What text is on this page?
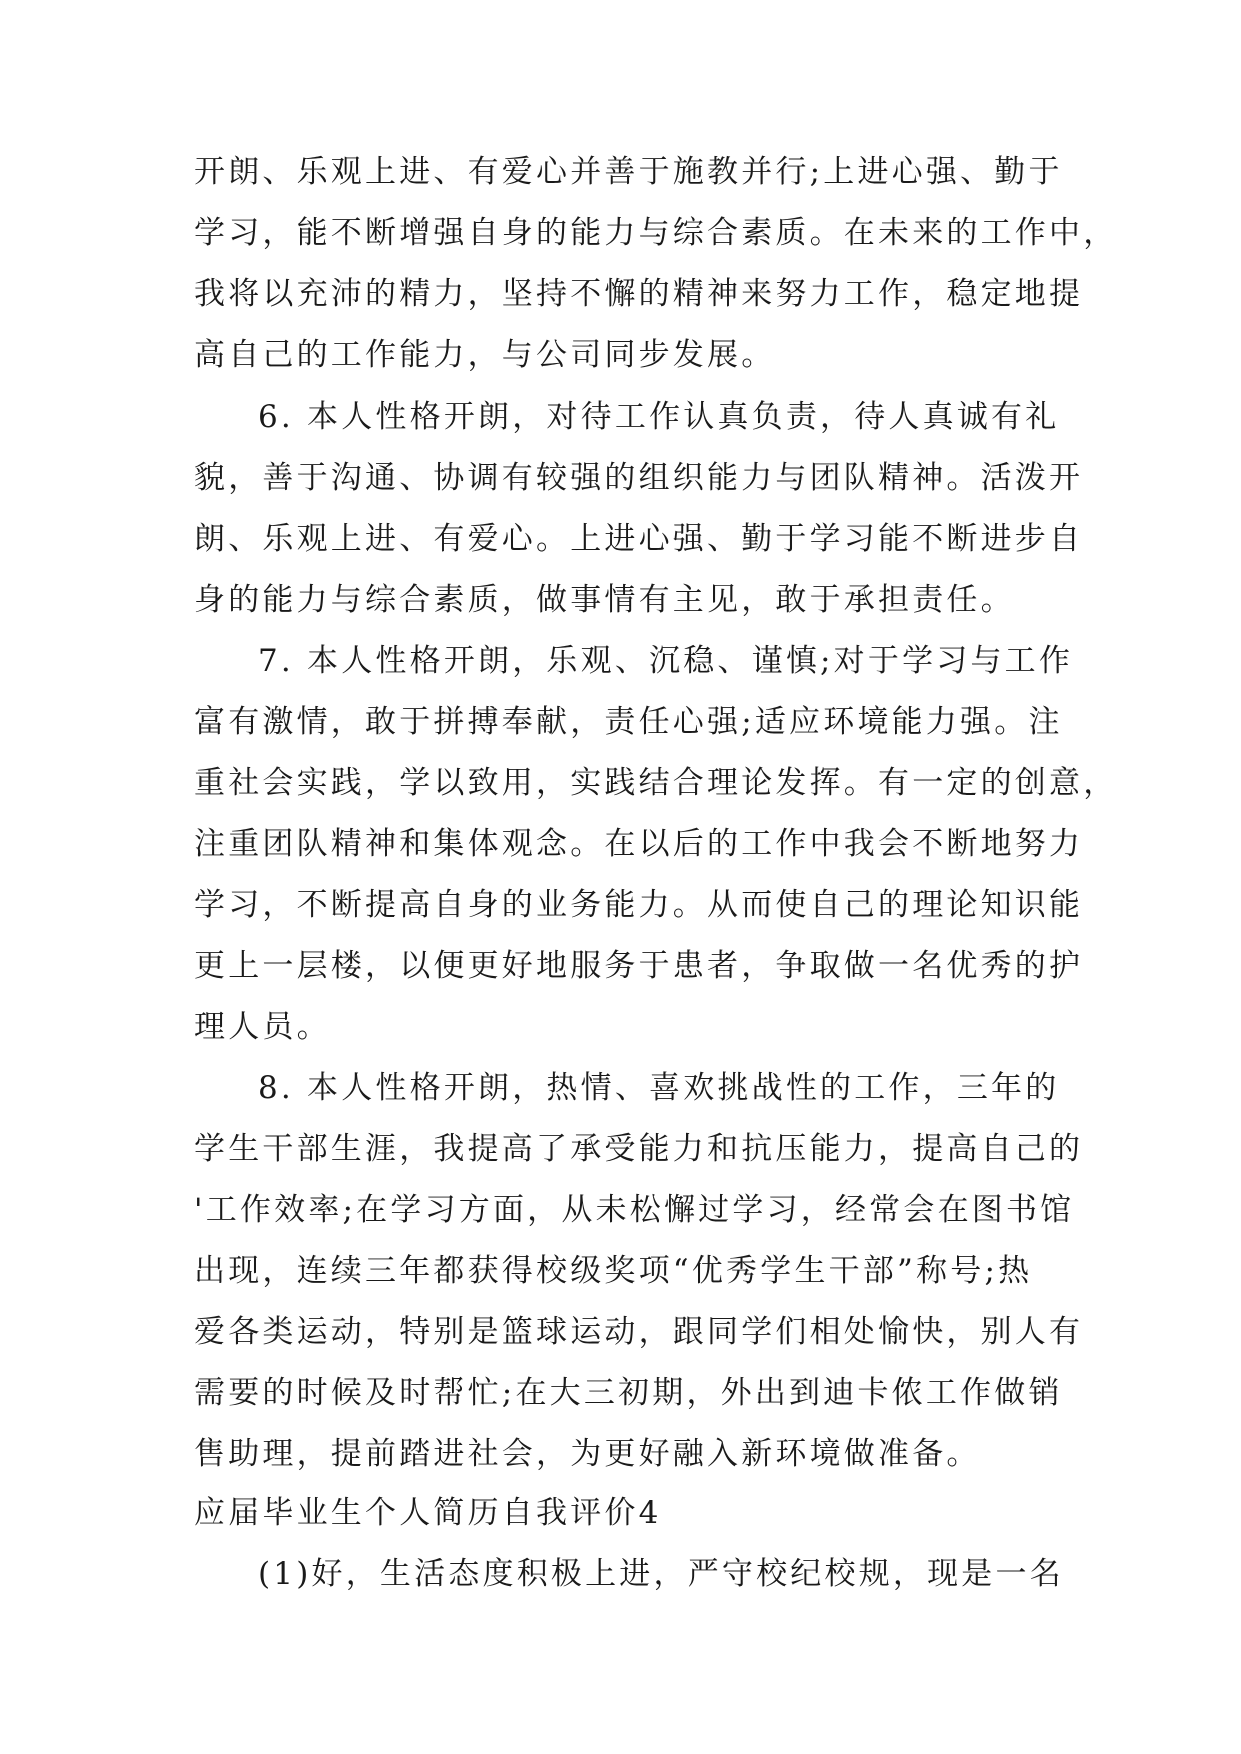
开朗、乐观上进、有爱心并善于施教并行;上进心强、勤于
学习，能不断增强自身的能力与综合素质。在未来的工作中，
我将以充沛的精力，坚持不懈的精神来努力工作，稳定地提
高自己的工作能力，与公司同步发展。
6. 本人性格开朗，对待工作认真负责，待人真诚有礼
貌，善于沟通、协调有较强的组织能力与团队精神。活泼开
朗、乐观上进、有爱心。上进心强、勤于学习能不断进步自
身的能力与综合素质，做事情有主见，敢于承担责任。
7. 本人性格开朗，乐观、沉稳、谨慎;对于学习与工作
富有激情，敢于拼搏奉献，责任心强;适应环境能力强。注
重社会实践，学以致用，实践结合理论发挥。有一定的创意，
注重团队精神和集体观念。在以后的工作中我会不断地努力
学习，不断提高自身的业务能力。从而使自己的理论知识能
更上一层楼，以便更好地服务于患者，争取做一名优秀的护
理人员。
8. 本人性格开朗，热情、喜欢挑战性的工作，三年的
学生干部生涯，我提高了承受能力和抗压能力，提高自己的
'工作效率;在学习方面，从未松懈过学习，经常会在图书馆
出现，连续三年都获得校级奖项“优秀学生干部”称号;热
爱各类运动，特别是篮球运动，跟同学们相处愉快，别人有
需要的时候及时帮忙;在大三初期，外出到迪卡侬工作做销
售助理，提前踏进社会，为更好融入新环境做准备。
应届毕业生个人简历自我评价4
(1)好，生活态度积极上进，严守校纪校规，现是一名
